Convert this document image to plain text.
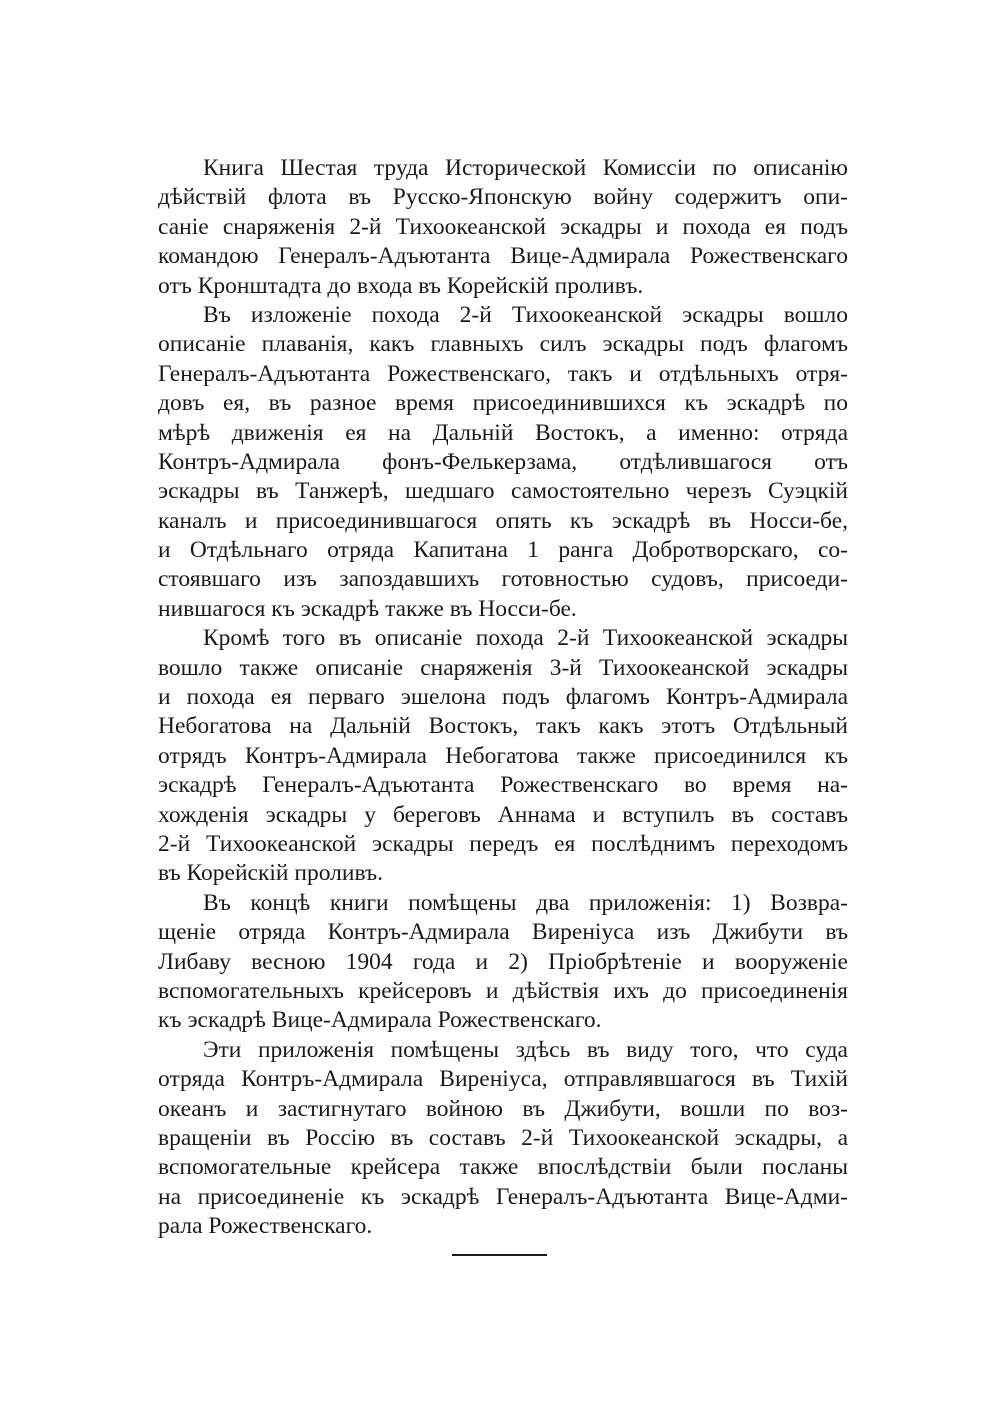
Книга Шестая труда Исторической Комиссіи по описанію
дѣйствій флота въ Русско-Японскую войну содержитъ опи-
саніе снаряженія 2-й Тихоокеанской эскадры и похода ея подъ
командою Генералъ-Адъютанта Вице-Адмирала Рожественскаго
отъ Кронштадта до входа въ Корейскій проливъ.
Въ изложеніе похода 2-й Тихоокеанской эскадры вошло
описаніе плаванія, какъ главныхъ силъ эскадры подъ флагомъ
Генералъ-Адъютанта Рожественскаго, такъ и отдѣльныхъ отря-
довъ ея, въ разное время присоединившихся къ эскадрѣ по
мѣрѣ движенія ея на Дальній Востокъ, а именно: отряда
Контръ-Адмирала фонъ-Фелькерзама, отдѣлившагося отъ
эскадры въ Танжерѣ, шедшаго самостоятельно черезъ Суэцкій
каналъ и присоединившагося опять къ эскадрѣ въ Носси-бе,
и Отдѣльнаго отряда Капитана 1 ранга Добротворскаго, со-
стоявшаго изъ запоздавшихъ готовностью судовъ, присоеди-
нившагося къ эскадрѣ также въ Носси-бе.
Кромѣ того въ описаніе похода 2-й Тихоокеанской эскадры
вошло также описаніе снаряженія 3-й Тихоокеанской эскадры
и похода ея перваго эшелона подъ флагомъ Контръ-Адмирала
Небогатова на Дальній Востокъ, такъ какъ этотъ Отдѣльный
отрядъ Контръ-Адмирала Небогатова также присоединился къ
эскадрѣ Генералъ-Адъютанта Рожественскаго во время на-
хожденія эскадры у береговъ Аннама и вступилъ въ составъ
2-й Тихоокеанской эскадры передъ ея послѣднимъ переходомъ
въ Корейскій проливъ.
Въ концѣ книги помѣщены два приложенія: 1) Возвра-
щеніе отряда Контръ-Адмирала Виреніуса изъ Джибути въ
Либаву весною 1904 года и 2) Пріобрѣтеніе и вооруженіе
вспомогательныхъ крейсеровъ и дѣйствія ихъ до присоединенія
къ эскадрѣ Вице-Адмирала Рожественскаго.
Эти приложенія помѣщены здѣсь въ виду того, что суда
отряда Контръ-Адмирала Виреніуса, отправлявшагося въ Тихій
океанъ и застигнутаго войною въ Джибути, вошли по воз-
вращеніи въ Россію въ составъ 2-й Тихоокеанской эскадры, а
вспомогательные крейсера также впослѣдствіи были посланы
на присоединеніе къ эскадрѣ Генералъ-Адъютанта Вице-Адми-
рала Рожественскаго.
